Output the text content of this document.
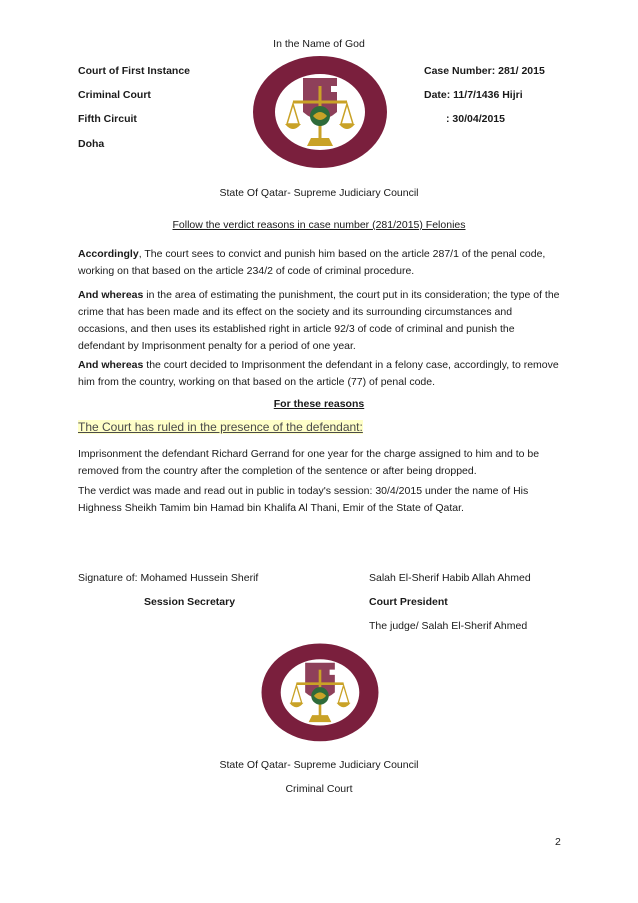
In the Name of God
Court of First Instance
Criminal Court
Fifth Circuit
Doha
Case Number: 281/ 2015
Date: 11/7/1436 Hijri
: 30/04/2015
State Of Qatar- Supreme Judiciary Council
Follow the verdict reasons in case number (281/2015) Felonies
Accordingly, The court sees to convict and punish him based on the article 287/1 of the penal code, working on that based on the article 234/2 of code of criminal procedure.
And whereas in the area of estimating the punishment, the court put in its consideration; the type of the crime that has been made and its effect on the society and its surrounding circumstances and occasions, and then uses its established right in article 92/3 of code of criminal and punish the defendant by Imprisonment penalty for a period of one year.
And whereas the court decided to Imprisonment the defendant in a felony case, accordingly, to remove him from the country, working on that based on the article (77) of penal code.
For these reasons
The Court has ruled in the presence of the defendant:
Imprisonment the defendant Richard Gerrand for one year for the charge assigned to him and to be removed from the country after the completion of the sentence or after being dropped.
The verdict was made and read out in public in today's session: 30/4/2015 under the name of His Highness Sheikh Tamim bin Hamad bin Khalifa Al Thani, Emir of the State of Qatar.
Signature of: Mohamed Hussein Sherif
Session Secretary
Salah El-Sherif Habib Allah Ahmed
Court President
The judge/ Salah El-Sherif Ahmed
State Of Qatar- Supreme Judiciary Council
Criminal Court
2
